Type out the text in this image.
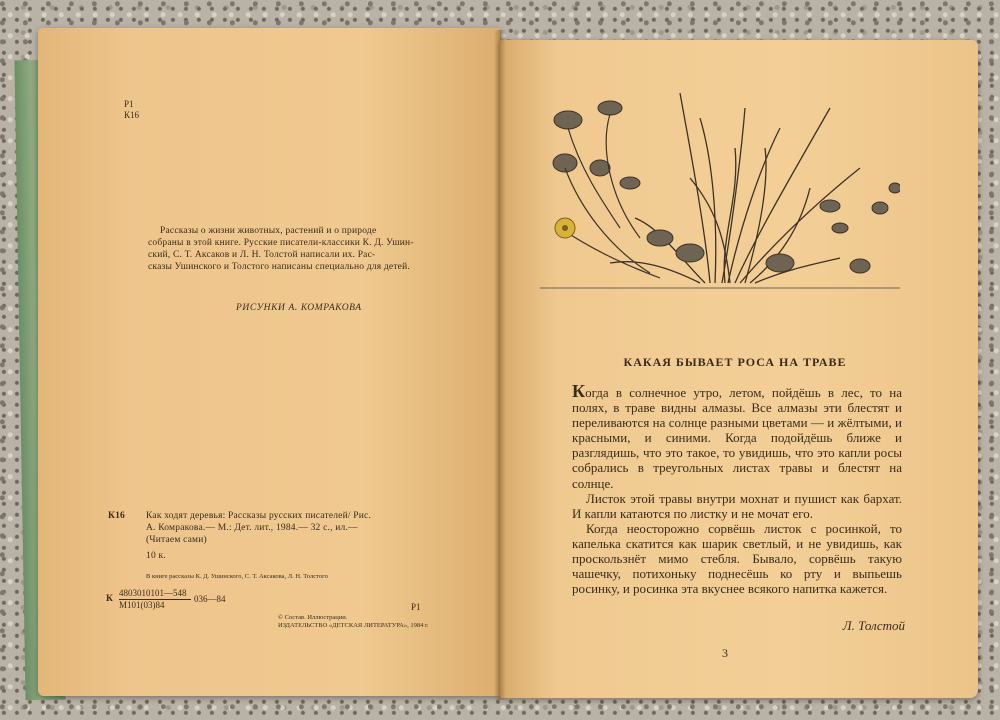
Р1
К16
Рассказы о жизни животных, растений и о природе
собраны в этой книге. Русские писатели-классики К. Д. Ушин-
ский, С. Т. Аксаков и Л. Н. Толстой написали их. Рас-
сказы Ушинского и Толстого написаны специально для детей.
РИСУНКИ А. КОМРАКОВА
К16 Как ходят деревья: Рассказы русских писателей/ Рис.
А. Комракова.— М.: Дет. лит., 1984.— 32 с., ил.—
(Читаем сами)
10 к.
В книге рассказы К. Д. Ушинского, С. Т. Аксакова, Л. Н. Толстого
К
4803010101—548
М101(03)84
036—84
Р1
© Состав. Иллюстрации.
ИЗДАТЕЛЬСТВО «ДЕТСКАЯ ЛИТЕРАТУРА», 1984 г.
КАКАЯ БЫВАЕТ РОСА НА ТРАВЕ

Когда в солнечное утро, летом, пойдёшь в лес, то на полях, в траве видны алмазы. Все алмазы эти блестят и переливаются на солнце разными цветами — и жёлтыми, и красными, и синими. Когда подойдёшь ближе и разглядишь, что это такое, то увидишь, что это капли росы собрались в треугольных листах травы и блестят на солнце.

Листок этой травы внутри мохнат и пушист как бархат. И капли катаются по листку и не мочат его.

Когда неосторожно сорвёшь листок с росинкой, то капелька скатится как шарик светлый, и не увидишь, как проскользнёт мимо стебля. Бывало, сорвёшь такую чашечку, потихоньку поднесёшь ко рту и выпьешь росинку, и росинка эта вкуснее всякого напитка кажется.

Л. Толстой
3
